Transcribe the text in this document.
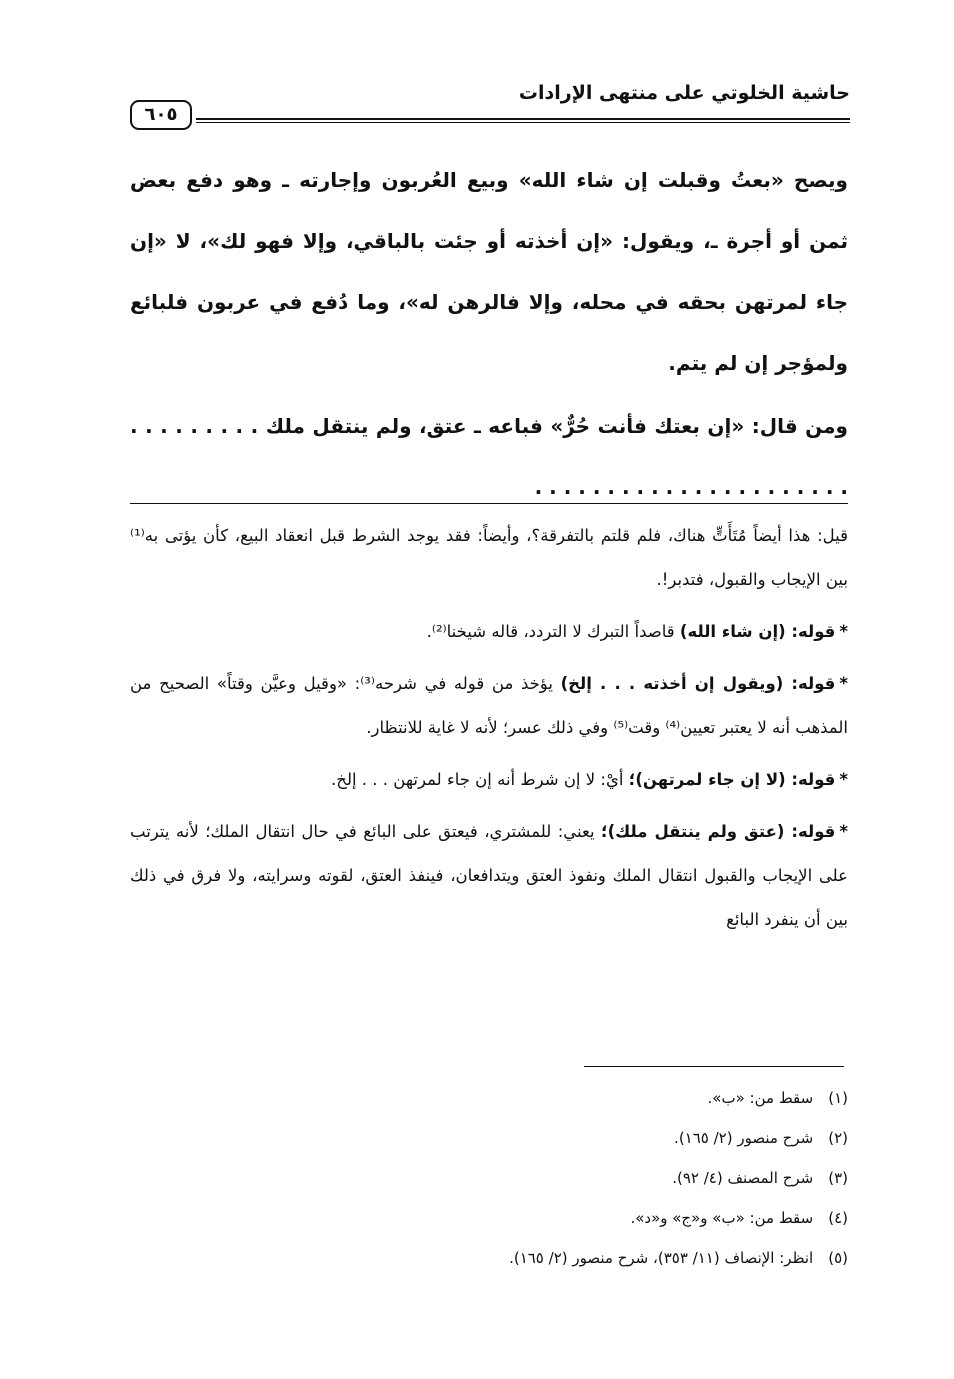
حاشية الخلوتي على منتهى الإرادات
٦٠٥

ويصح «بعتُ وقبلت إن شاء الله» وبيع العُربون وإجارته ـ وهو دفع بعض ثمن أو أجرة ـ، ويقول: «إن أخذته أو جئت بالباقي، وإلا فهو لك»، لا «إن جاء لمرتهن بحقه في محله، وإلا فالرهن له»، وما دُفع في عربون فلبائع ولمؤجر إن لم يتم.

ومن قال: «إن بعتك فأنت حُرٌّ» فباعه ـ عتق، ولم ينتقل ملك . . . . . . . . . . . . . . . . . . . . . . . . . . . . . . .

قيل: هذا أيضاً مُتَأَتٍّ هناك، فلم قلتم بالتفرقة؟، وأيضاً: فقد يوجد الشرط قبل انعقاد البيع، كأن يؤتى به⁽¹⁾ بين الإيجاب والقبول، فتدبر!.

*قوله: (إن شاء الله) قاصداً التبرك لا التردد، قاله شيخنا⁽²⁾.

*قوله: (ويقول إن أخذته . . . إلخ) يؤخذ من قوله في شرحه⁽³⁾: «وقيل وعيَّن وقتاً» الصحيح من المذهب أنه لا يعتبر تعيين⁽⁴⁾ وقت⁽⁵⁾ وفي ذلك عسر؛ لأنه لا غاية للانتظار.

*قوله: (لا إن جاء لمرتهن)؛ أيْ: لا إن شرط أنه إن جاء لمرتهن . . . إلخ.

*قوله: (عتق ولم ينتقل ملك)؛ يعني: للمشتري، فيعتق على البائع في حال انتقال الملك؛ لأنه يترتب على الإيجاب والقبول انتقال الملك ونفوذ العتق ويتدافعان، فينفذ العتق، لقوته وسرايته، ولا فرق في ذلك بين أن ينفرد البائع

(١) سقط من: «ب».
(٢) شرح منصور (٢/ ١٦٥).
(٣) شرح المصنف (٤/ ٩٢).
(٤) سقط من: «ب» و«ج» و«د».
(٥) انظر: الإنصاف (١١/ ٣٥٣)، شرح منصور (٢/ ١٦٥).
